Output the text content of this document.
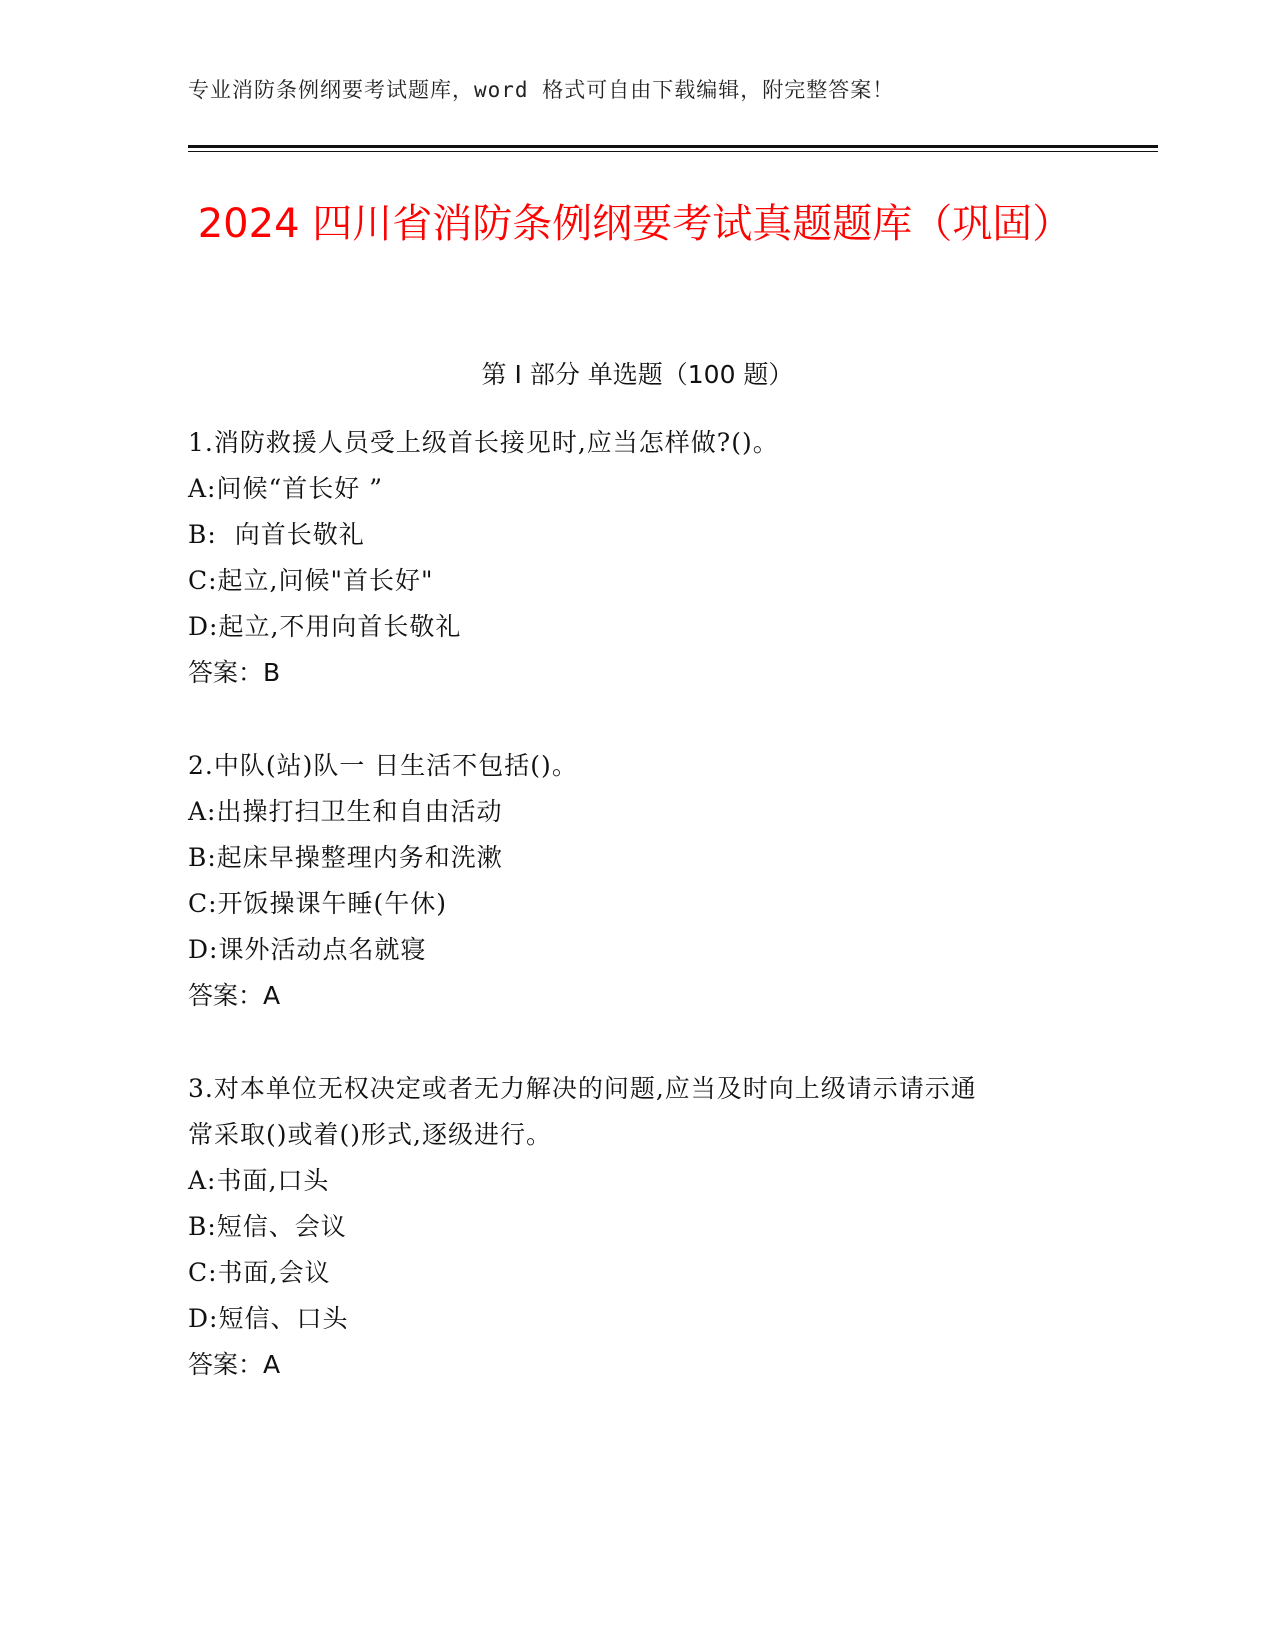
专业消防条例纲要考试题库，word 格式可自由下载编辑，附完整答案！
2024 四川省消防条例纲要考试真题题库（巩固）
第 I 部分 单选题（100 题）
1.消防救援人员受上级首长接见时,应当怎样做?()。
A:问候“首长好 ”
B:  向首长敬礼
C:起立,问候"首长好"
D:起立,不用向首长敬礼
答案：B
2.中队(站)队一 日生活不包括()。
A:出操打扫卫生和自由活动
B:起床早操整理内务和洗漱
C:开饭操课午睡(午休)
D:课外活动点名就寝
答案：A
3.对本单位无权决定或者无力解决的问题,应当及时向上级请示请示通
常采取()或着()形式,逐级进行。
A:书面,口头
B:短信、会议
C:书面,会议
D:短信、口头
答案：A
